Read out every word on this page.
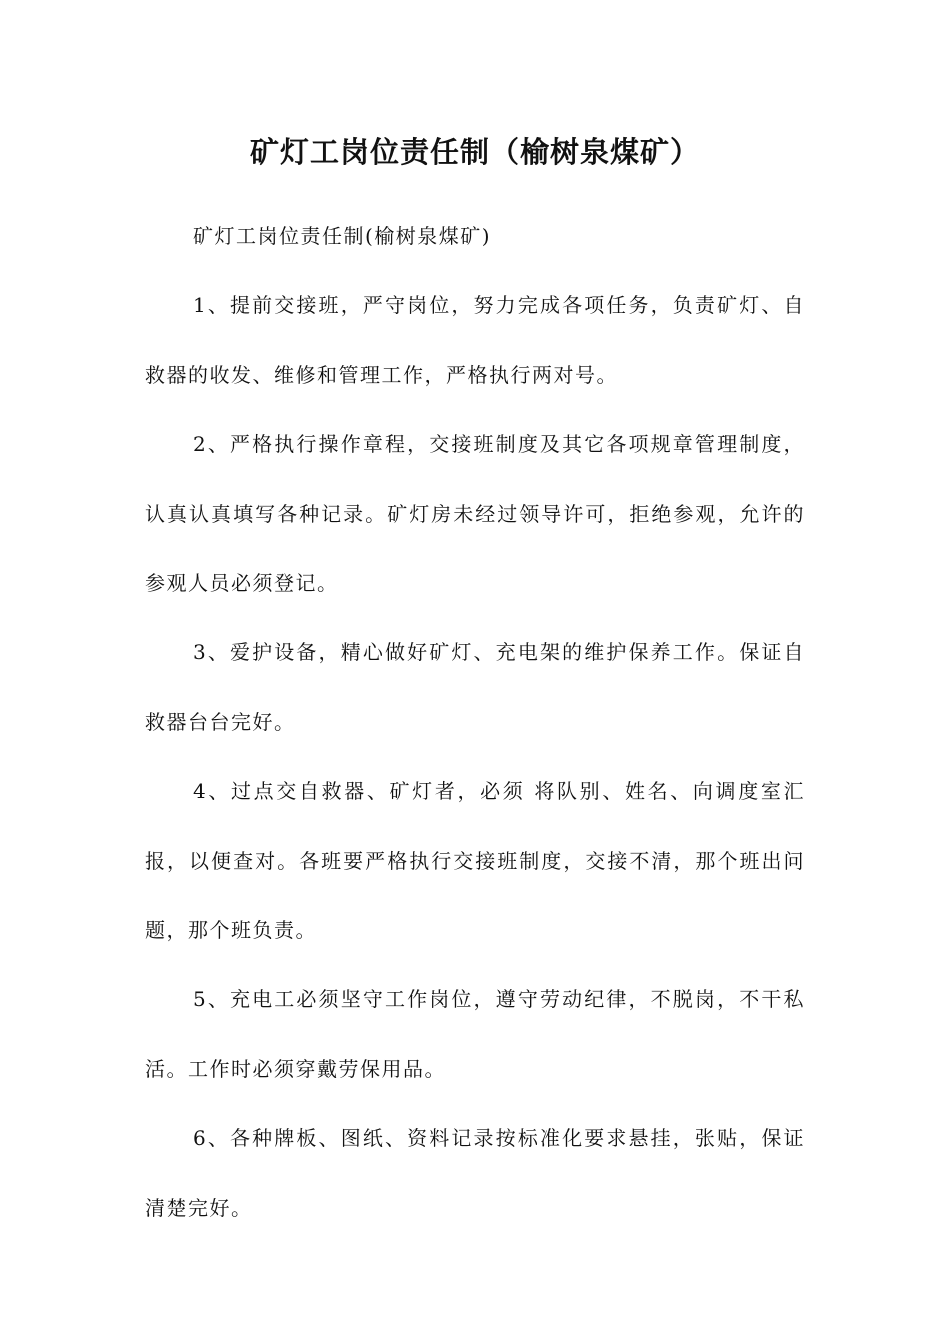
矿灯工岗位责任制（榆树泉煤矿）

矿灯工岗位责任制(榆树泉煤矿)

1、提前交接班，严守岗位，努力完成各项任务，负责矿灯、自救器的收发、维修和管理工作，严格执行两对号。

2、严格执行操作章程，交接班制度及其它各项规章管理制度，认真认真填写各种记录。矿灯房未经过领导许可，拒绝参观，允许的参观人员必须登记。

3、爱护设备，精心做好矿灯、充电架的维护保养工作。保证自救器台台完好。

4、过点交自救器、矿灯者，必须 将队别、姓名、向调度室汇报，以便查对。各班要严格执行交接班制度，交接不清，那个班出问题，那个班负责。

5、充电工必须坚守工作岗位，遵守劳动纪律，不脱岗，不干私活。工作时必须穿戴劳保用品。

6、各种牌板、图纸、资料记录按标准化要求悬挂，张贴，保证清楚完好。
